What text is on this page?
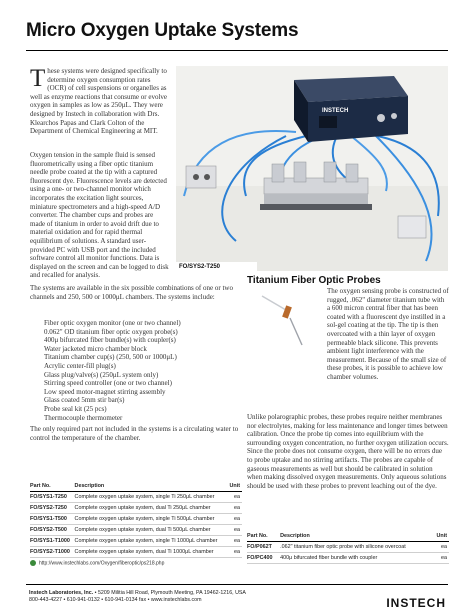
Micro Oxygen Uptake Systems
These systems were designed specifically to determine oxygen consumption rates (OCR) of cell suspensions or organelles as well as enzyme reactions that consume or evolve oxygen in samples as low as 250μL. They were designed by Instech in collaboration with Drs. Klearchos Papas and Clark Colton of the Department of Chemical Engineering at MIT.
Oxygen tension in the sample fluid is sensed fluorometrically using a fiber optic titanium needle probe coated at the tip with a captured fluorescent dye. Fluorescence levels are detected using a one- or two-channel monitor which incorporates the excitation light sources, miniature spectrometers and a high-speed A/D converter. The chamber cups and probes are made of titanium in order to avoid drift due to material oxidation and for rapid thermal equilibrium of solutions. A standard user-provided PC with USB port and the included software control all monitor functions. Data is displayed on the screen and can be logged to disk and recalled for analysis.
The systems are available in the six possible combinations of one or two channels and 250, 500 or 1000μL chambers. The systems include:
Fiber optic oxygen monitor (one or two channel)
0.062" OD titanium fiber optic oxygen probe(s)
400μ bifurcated fiber bundle(s) with coupler(s)
Water jacketed micro chamber block
Titanium chamber cup(s) (250, 500 or 1000μL)
Acrylic center-fill plug(s)
Glass plug/valve(s) (250μL system only)
Stirring speed controller (one or two channel)
Low speed motor-magnet stirring assembly
Glass coated 5mm stir bar(s)
Probe seal kit (25 pcs)
Thermocouple thermometer
The only required part not included in the systems is a circulating water to control the temperature of the chamber.
INSTECH
FO/SYS2-T250
Titanium Fiber Optic Probes
The oxygen sensing probe is constructed of rugged, .062" diameter titanium tube with a 600 micron central fiber that has been coated with a fluorescent dye instilled in a sol-gel coating at the tip. The tip is then overcoated with a thin layer of oxygen permeable black silicone. This prevents ambient light interference with the measurement. Because of the small size of these probes, it is possible to achieve low chamber volumes.
Unlike polarographic probes, these probes require neither membranes nor electrolytes, making for less maintenance and longer times between calibration. Once the probe tip comes into equilibrium with the surrounding oxygen concentration, no further oxygen utilization occurs. Since the probe does not consume oxygen, there will be no errors due to probe uptake and no stirring artifacts. The probes are capable of gaseous measurements as well but should be calibrated in solution when making dissolved oxygen measurements. Only aqueous solutions should be used with these probes to prevent leaching out of the dye.
Part No.	Description	Unit
FO/SYS1-T250	Complete oxygen uptake system, single Ti 250μL chamber	ea
FO/SYS2-T250	Complete oxygen uptake system, dual Ti 250μL chamber	ea
FO/SYS1-T500	Complete oxygen uptake system, single Ti 500μL chamber	ea
FO/SYS2-T500	Complete oxygen uptake system, dual Ti 500μL chamber	ea
FO/SYS1-T1000	Complete oxygen uptake system, single Ti 1000μL chamber	ea
FO/SYS2-T1000	Complete oxygen uptake system, dual Ti 1000μL chamber	ea
Part No.	Description	Unit
FO/P062T	.062" titanium fiber optic probe with silicone overcoat	ea
FO/PC400	400μ bifurcated fiber bundle with coupler	ea
http://www.instechlabs.com/Oxygen/fiberoptic/ps218.php
Instech Laboratories, Inc. • 5209 Militia Hill Road, Plymouth Meeting, PA 19462-1216, USA
800-443-4227 • 610-941-0132 • 610-941-0134 fax • www.instechlabs.com	INSTECH
